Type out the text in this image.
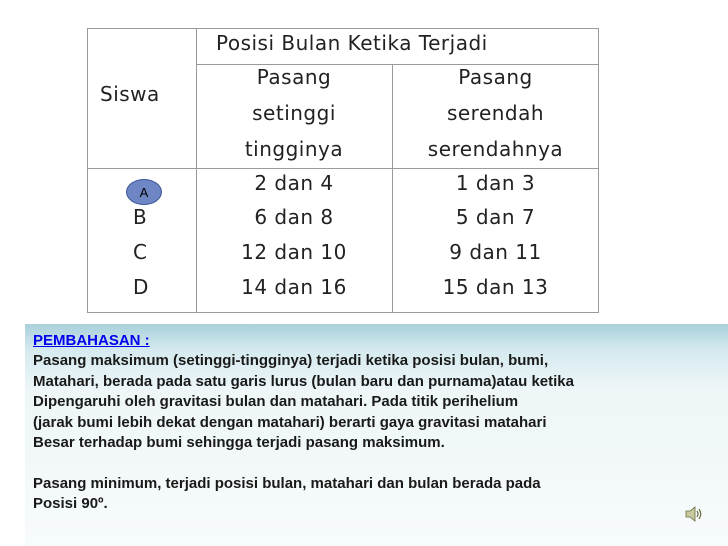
Posisi Bulan Ketika Terjadi
Siswa
Pasang
setinggi
tingginya
Pasang
serendah
serendahnya
A
B
C
D
2 dan 4
6 dan 8
12 dan 10
14 dan 16
1 dan 3
5 dan 7
9 dan 11
15 dan 13
PEMBAHASAN :

Pasang maksimum (setinggi-tingginya) terjadi ketika posisi bulan, bumi,
Matahari, berada pada satu garis lurus (bulan baru dan purnama)atau ketika
Dipengaruhi oleh gravitasi bulan dan matahari. Pada titik perihelium
(jarak bumi lebih dekat dengan matahari) berarti gaya gravitasi matahari
Besar terhadap bumi sehingga terjadi pasang maksimum.

Pasang minimum, terjadi posisi bulan, matahari dan bulan berada pada
Posisi 90º.
